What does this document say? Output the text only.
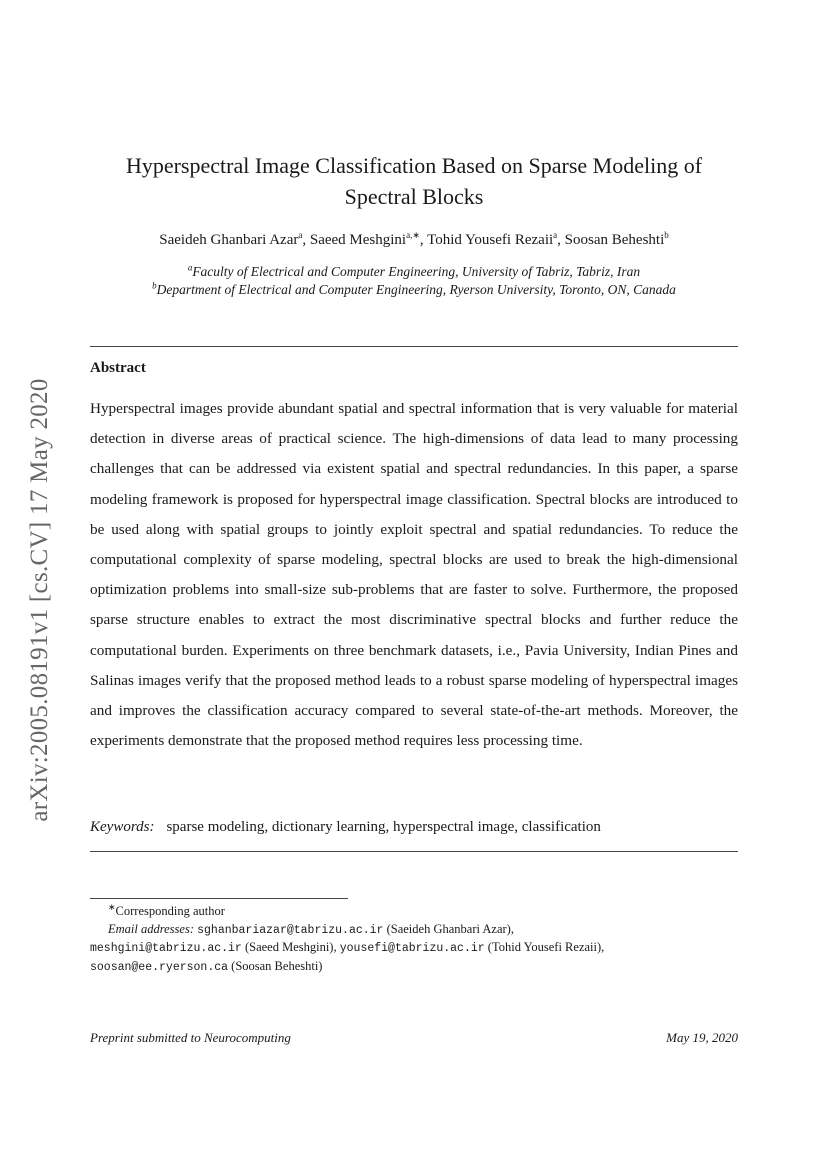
arXiv:2005.08191v1 [cs.CV] 17 May 2020
Hyperspectral Image Classification Based on Sparse Modeling of
Spectral Blocks
Saeideh Ghanbari Azar$^a$, Saeed Meshgini$^{a,∗}$, Tohid Yousefi Rezaii$^a$, Soosan Beheshti$^b$
$^a$Faculty of Electrical and Computer Engineering, University of Tabriz, Tabriz, Iran
$^b$Department of Electrical and Computer Engineering, Ryerson University, Toronto, ON, Canada
Abstract
Hyperspectral images provide abundant spatial and spectral information that is very valuable for material detection in diverse areas of practical science. The high-dimensions of data lead to many processing challenges that can be addressed via existent spatial and spectral redundancies. In this paper, a sparse modeling framework is proposed for hyperspectral image classification. Spectral blocks are introduced to be used along with spatial groups to jointly exploit spectral and spatial redundancies. To reduce the computational complexity of sparse modeling, spectral blocks are used to break the high-dimensional optimization problems into small-size sub-problems that are faster to solve. Furthermore, the proposed sparse structure enables to extract the most discriminative spectral blocks and further reduce the computational burden. Experiments on three benchmark datasets, i.e., Pavia University, Indian Pines and Salinas images verify that the proposed method leads to a robust sparse modeling of hyperspectral images and improves the classification accuracy compared to several state-of-the-art methods. Moreover, the experiments demonstrate that the proposed method requires less processing time.
Keywords: sparse modeling, dictionary learning, hyperspectral image, classification
∗Corresponding author
Email addresses: sghanbariazar@tabrizu.ac.ir (Saeideh Ghanbari Azar),
meshgini@tabrizu.ac.ir (Saeed Meshgini), yousefi@tabrizu.ac.ir (Tohid Yousefi Rezaii),
soosan@ee.ryerson.ca (Soosan Beheshti)
Preprint submitted to Neurocomputing	May 19, 2020
